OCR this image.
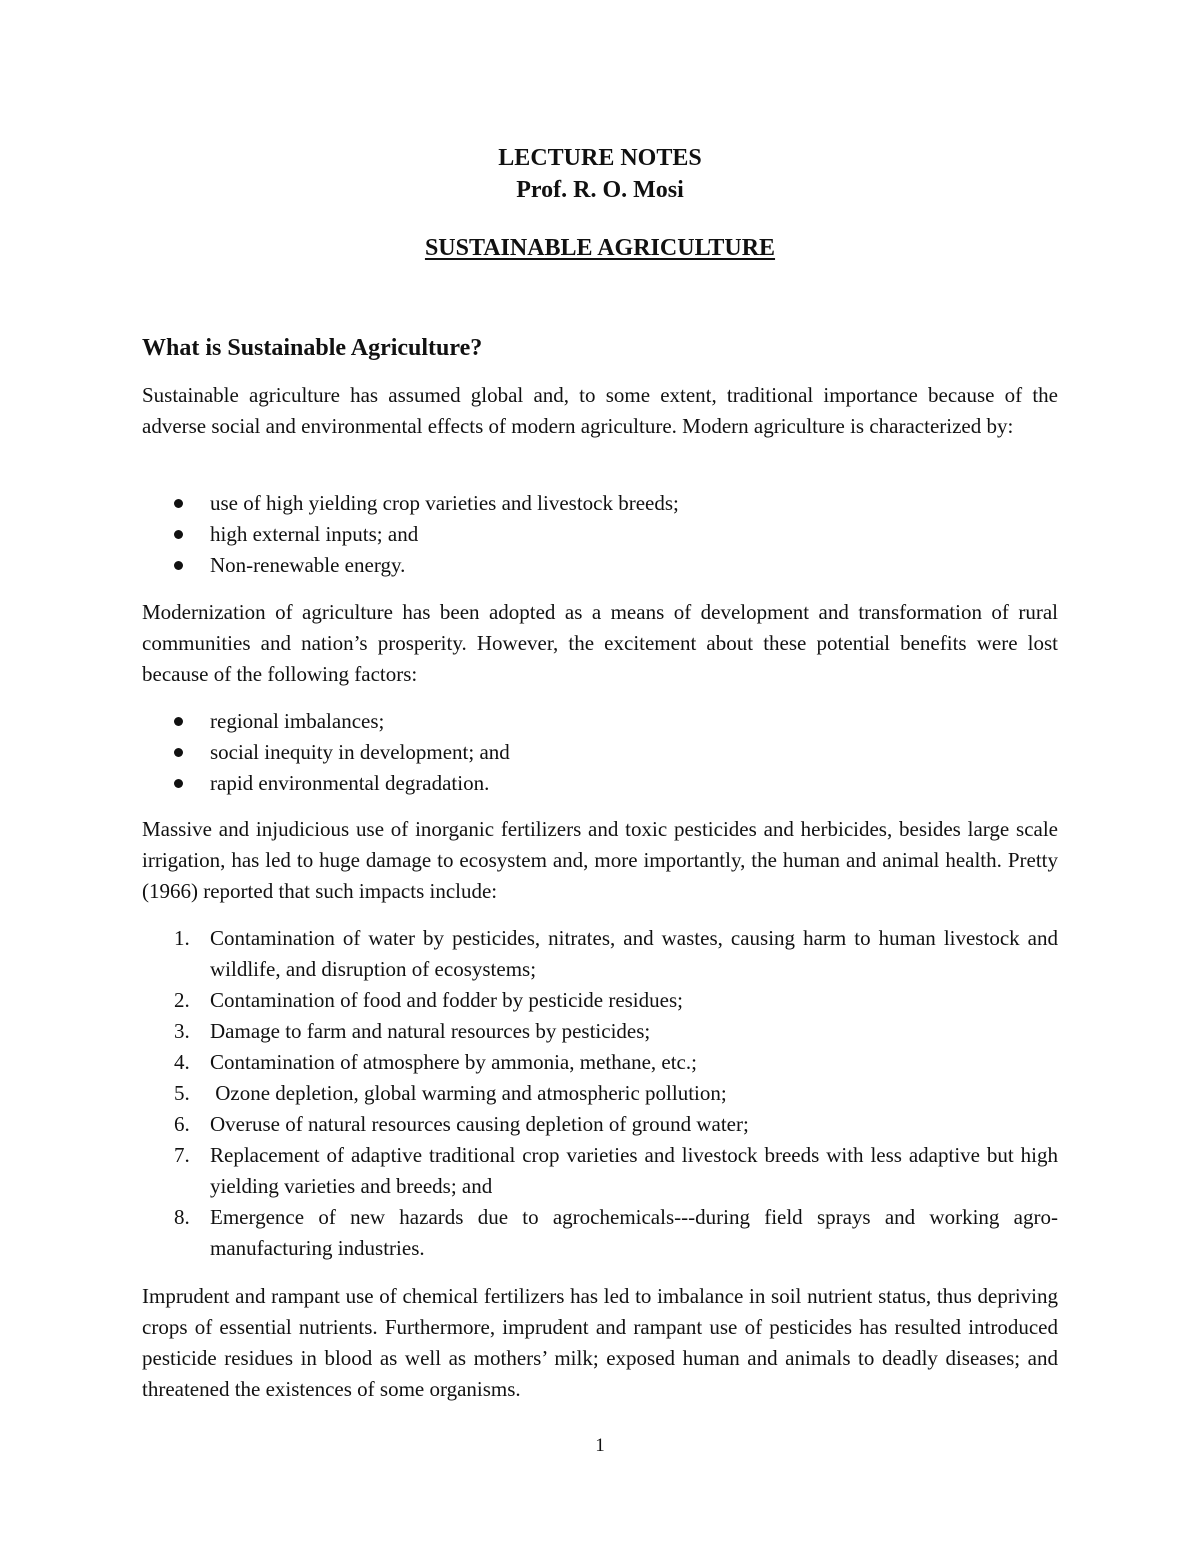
LECTURE NOTES
Prof. R. O. Mosi
SUSTAINABLE AGRICULTURE
What is Sustainable Agriculture?

Sustainable agriculture has assumed global and, to some extent, traditional importance because of the adverse social and environmental effects of modern agriculture. Modern agriculture is characterized by:

use of high yielding crop varieties and livestock breeds;
high external inputs; and
Non-renewable energy.

Modernization of agriculture has been adopted as a means of development and transformation of rural communities and nation’s prosperity. However, the excitement about these potential benefits were lost because of the following factors:

regional imbalances;
social inequity in development; and
rapid environmental degradation.

Massive and injudicious use of inorganic fertilizers and toxic pesticides and herbicides, besides large scale irrigation, has led to huge damage to ecosystem and, more importantly, the human and animal health. Pretty (1966) reported that such impacts include:

1. Contamination of water by pesticides, nitrates, and wastes, causing harm to human livestock and wildlife, and disruption of ecosystems;
2. Contamination of food and fodder by pesticide residues;
3. Damage to farm and natural resources by pesticides;
4. Contamination of atmosphere by ammonia, methane, etc.;
5. Ozone depletion, global warming and atmospheric pollution;
6. Overuse of natural resources causing depletion of ground water;
7. Replacement of adaptive traditional crop varieties and livestock breeds with less adaptive but high yielding varieties and breeds; and
8. Emergence of new hazards due to agrochemicals---during field sprays and working agro-manufacturing industries.

Imprudent and rampant use of chemical fertilizers has led to imbalance in soil nutrient status, thus depriving crops of essential nutrients. Furthermore, imprudent and rampant use of pesticides has resulted introduced pesticide residues in blood as well as mothers’ milk; exposed human and animals to deadly diseases; and threatened the existences of some organisms.

1
